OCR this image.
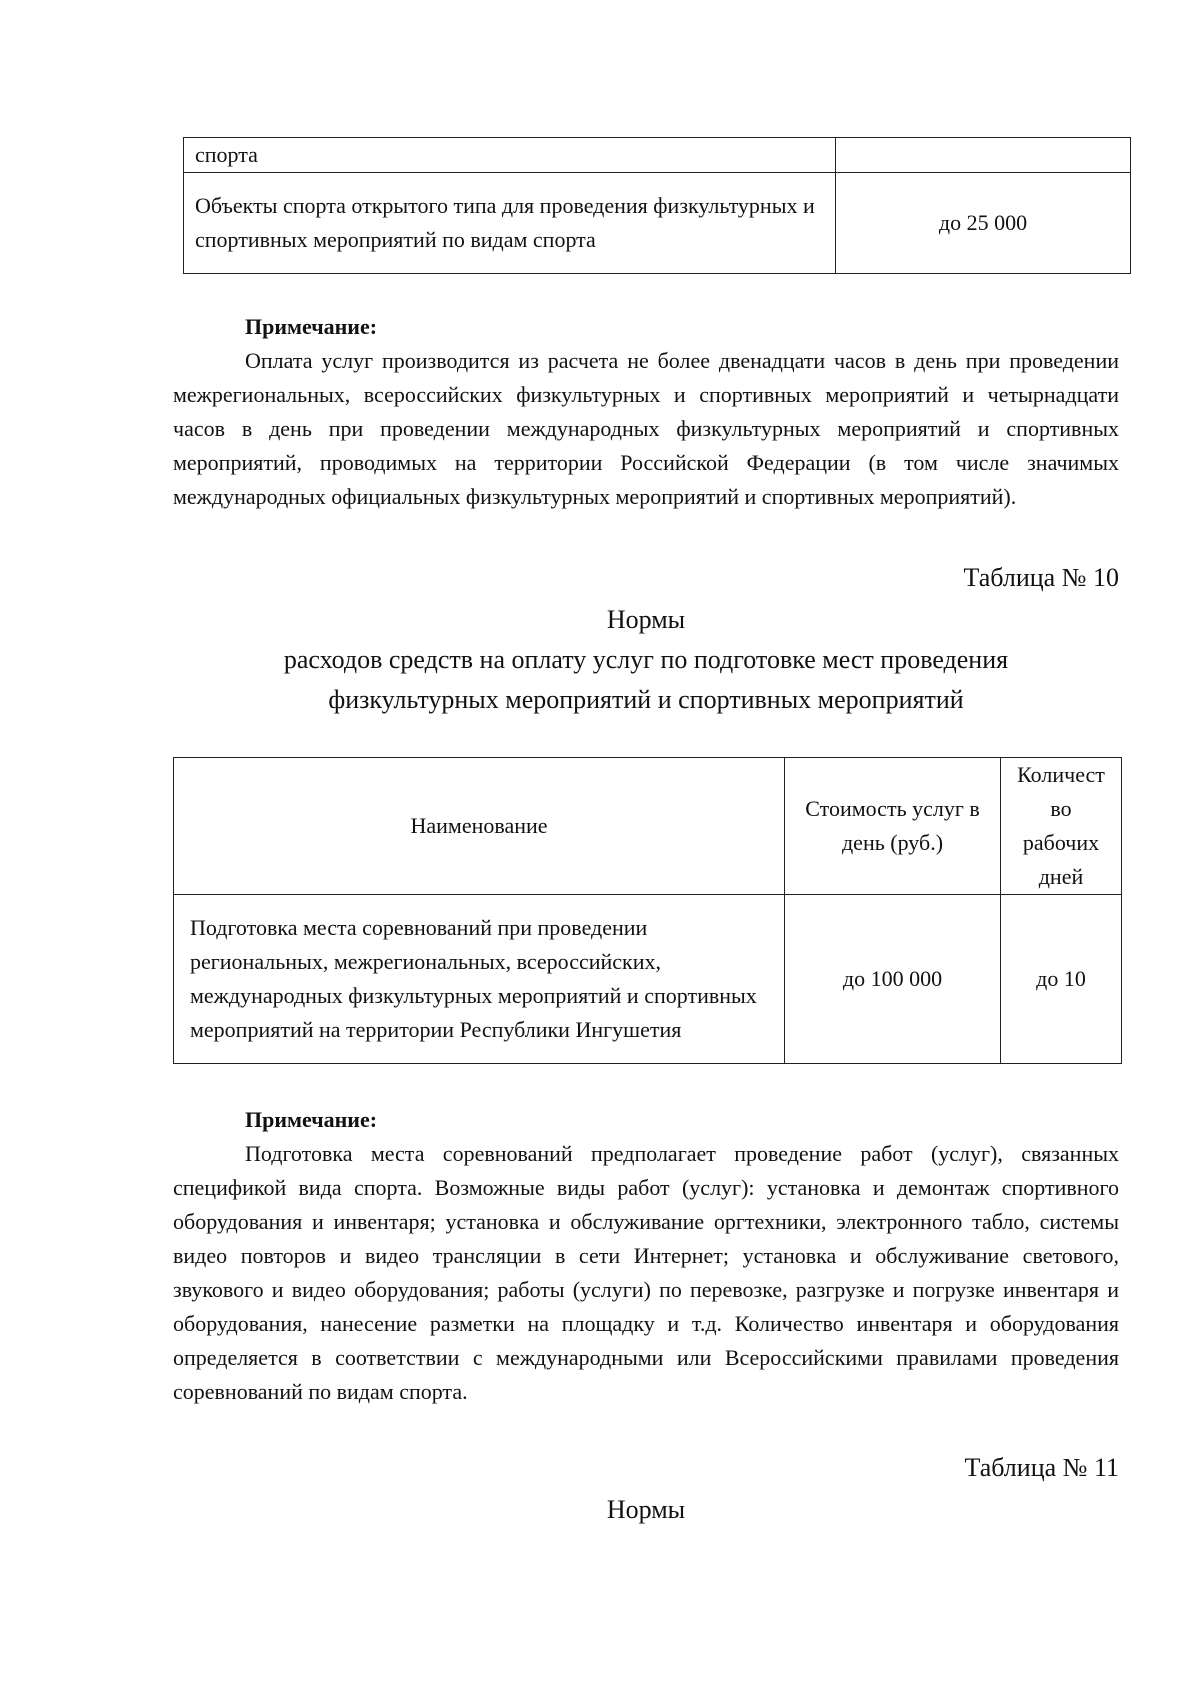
спорта	
Объекты спорта открытого типа для проведения физкультурных и спортивных мероприятий по видам спорта	до 25 000
Примечание:
Оплата услуг производится из расчета не более двенадцати часов в день при проведении межрегиональных, всероссийских физкультурных и спортивных мероприятий и четырнадцати часов в день при проведении международных физкультурных мероприятий и спортивных мероприятий, проводимых на территории Российской Федерации (в том числе значимых международных официальных физкультурных мероприятий и спортивных мероприятий).
Таблица № 10
Нормы
расходов средств на оплату услуг по подготовке мест проведения
физкультурных мероприятий и спортивных мероприятий
Наименование	Стоимость услуг в день (руб.)	Количест во рабочих дней
Подготовка места соревнований при проведении региональных, межрегиональных, всероссийских, международных физкультурных мероприятий и спортивных мероприятий на территории Республики Ингушетия	до 100 000	до 10
Примечание:
Подготовка места соревнований предполагает проведение работ (услуг), связанных спецификой вида спорта. Возможные виды работ (услуг): установка и демонтаж спортивного оборудования и инвентаря; установка и обслуживание оргтехники, электронного табло, системы видео повторов и видео трансляции в сети Интернет; установка и обслуживание светового, звукового и видео оборудования; работы (услуги) по перевозке, разгрузке и погрузке инвентаря и оборудования, нанесение разметки на площадку и т.д. Количество инвентаря и оборудования определяется в соответствии с международными или Всероссийскими правилами проведения соревнований по видам спорта.
Таблица № 11
Нормы
